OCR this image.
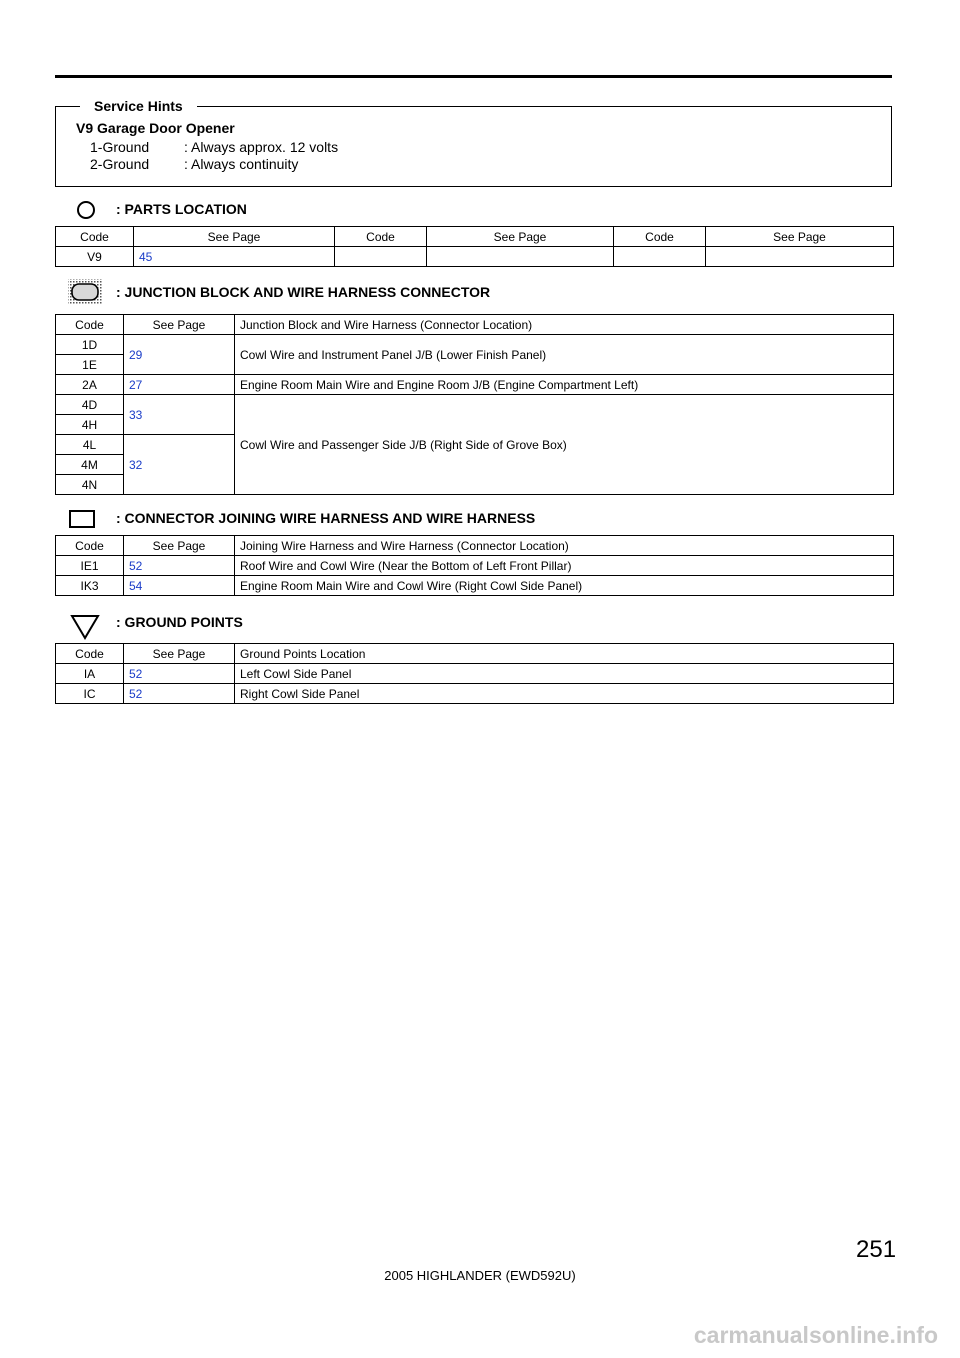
Service Hints
V9 Garage Door Opener
1-Ground : Always approx. 12 volts
2-Ground : Always continuity
: PARTS LOCATION
Code	See Page	Code	See Page	Code	See Page
V9	45				
: JUNCTION BLOCK AND WIRE HARNESS CONNECTOR
Code	See Page	Junction Block and Wire Harness (Connector Location)
1D	29	Cowl Wire and Instrument Panel J/B (Lower Finish Panel)
1E		
2A	27	Engine Room Main Wire and Engine Room J/B (Engine Compartment Left)
4D	33	Cowl Wire and Passenger Side J/B (Right Side of Grove Box)
4H		
4L	32	
4M		
4N		
: CONNECTOR JOINING WIRE HARNESS AND WIRE HARNESS
Code	See Page	Joining Wire Harness and Wire Harness (Connector Location)
IE1	52	Roof Wire and Cowl Wire (Near the Bottom of Left Front Pillar)
IK3	54	Engine Room Main Wire and Cowl Wire (Right Cowl Side Panel)
: GROUND POINTS
Code	See Page	Ground Points Location
IA	52	Left Cowl Side Panel
IC	52	Right Cowl Side Panel
251
2005 HIGHLANDER (EWD592U)
carmanualsonline.info
